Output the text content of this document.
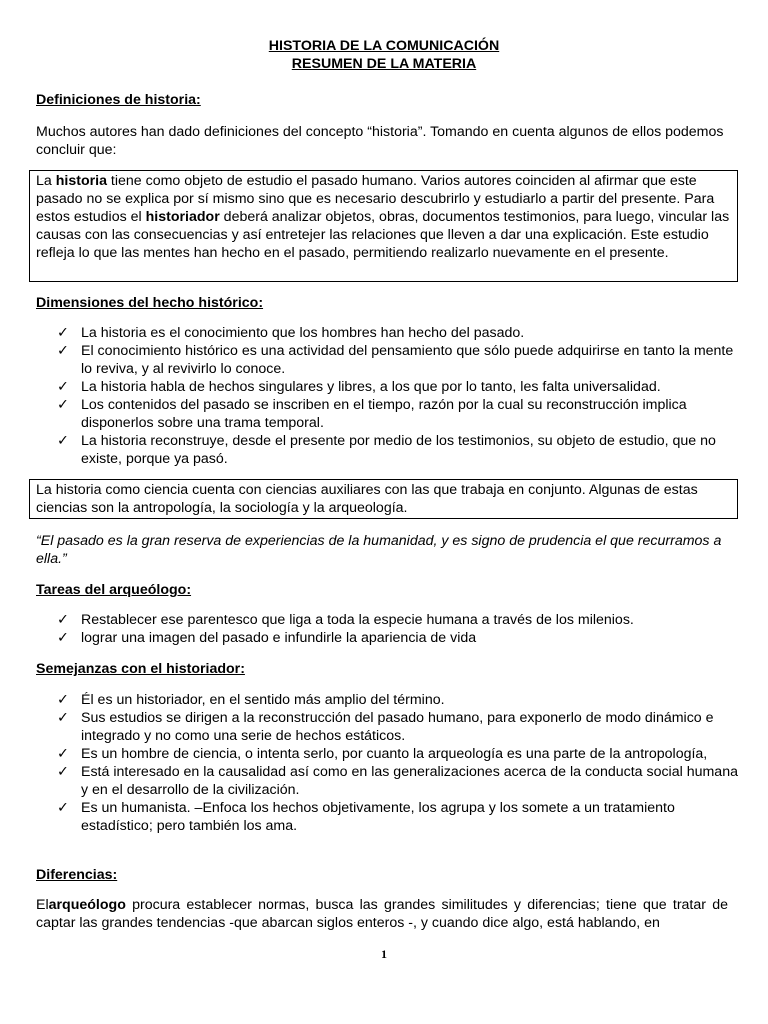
HISTORIA DE LA COMUNICACIÓN
RESUMEN DE LA MATERIA
Definiciones de historia:
Muchos autores han dado definiciones del concepto “historia”. Tomando en cuenta algunos de ellos podemos concluir que:
La historia tiene como objeto de estudio el pasado humano. Varios autores coinciden al afirmar que este pasado no se explica por sí mismo sino que es necesario descubrirlo y estudiarlo a partir del presente. Para estos estudios el historiador deberá analizar objetos, obras, documentos testimonios, para luego, vincular las causas con las consecuencias y así entretejer las relaciones que lleven a dar una explicación. Este estudio refleja lo que las mentes han hecho en el pasado, permitiendo realizarlo nuevamente en el presente.
Dimensiones del hecho histórico:
✓ La historia es el conocimiento que los hombres han hecho del pasado.
✓ El conocimiento histórico es una actividad del pensamiento que sólo puede adquirirse en tanto la mente lo reviva, y al revivirlo lo conoce.
✓ La historia habla de hechos singulares y libres, a los que por lo tanto, les falta universalidad.
✓ Los contenidos del pasado se inscriben en el tiempo, razón por la cual su reconstrucción implica disponerlos sobre una trama temporal.
✓ La historia reconstruye, desde el presente por medio de los testimonios, su objeto de estudio, que no existe, porque ya pasó.
La historia como ciencia cuenta con ciencias auxiliares con las que trabaja en conjunto. Algunas de estas ciencias son la antropología, la sociología y la arqueología.
“El pasado es la gran reserva de experiencias de la humanidad, y es signo de prudencia el que recurramos a ella.”
Tareas del arqueólogo:
✓ Restablecer ese parentesco que liga a toda la especie humana a través de los milenios.
✓ lograr una imagen del pasado e infundirle la apariencia de vida
Semejanzas con el historiador:
✓ Él es un historiador, en el sentido más amplio del término.
✓ Sus estudios se dirigen a la reconstrucción del pasado humano, para exponerlo de modo dinámico e integrado y no como una serie de hechos estáticos.
✓ Es un hombre de ciencia, o intenta serlo, por cuanto la arqueología es una parte de la antropología,
✓ Está interesado en la causalidad así como en las generalizaciones acerca de la conducta social humana y en el desarrollo de la civilización.
✓ Es un humanista. –Enfoca los hechos objetivamente, los agrupa y los somete a un tratamiento estadístico; pero también los ama.
Diferencias:
Elarqueólogo procura establecer normas, busca las grandes similitudes y diferencias; tiene que tratar de captar las grandes tendencias -que abarcan siglos enteros -, y cuando dice algo, está hablando, en
1
